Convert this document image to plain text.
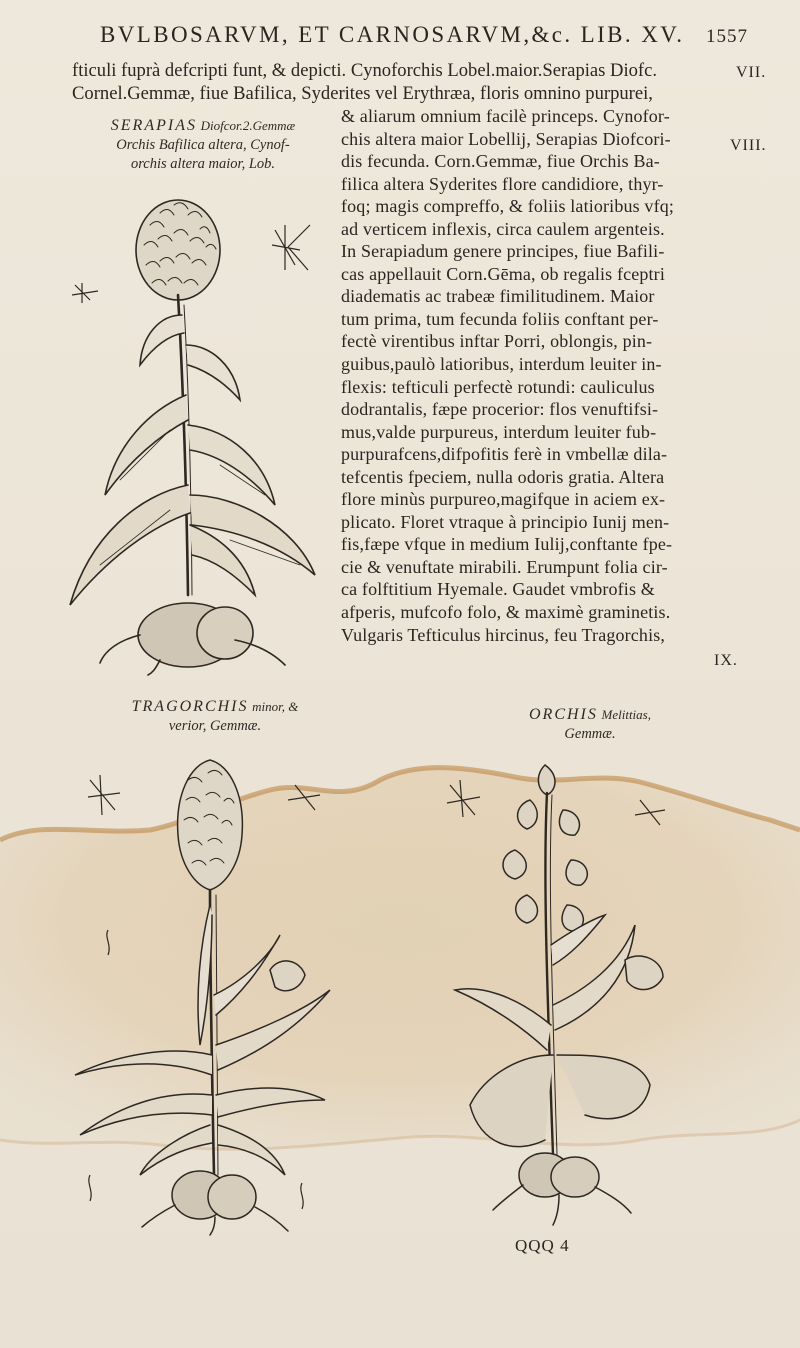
BVLBOSARVM, ET CARNOSARVM,&c. LIB. XV. 1557
fticuli fuprà defcripti funt, & depicti. Cynoforchis Lobel.maior.Serapias Diofc.
Cornel.Gemmæ, fiue Bafilica, Syderites vel Erythræa, floris omnino purpurei,
VII.
VIII.
IX.
SERAPIAS Diofcor.2.Gemmæ
Orchis Bafilica altera, Cynof-
orchis altera maior, Lob.
& aliarum omnium facilè princeps. Cynofor-
chis altera maior Lobellij, Serapias Diofcori-
dis fecunda. Corn.Gemmæ, fiue Orchis Ba-
filica altera Syderites flore candidiore, thyr-
foq; magis compreffo, & foliis latioribus vfq;
ad verticem inflexis, circa caulem argenteis.
In Serapiadum genere principes, fiue Bafili-
cas appellauit Corn.Gēma, ob regalis fceptri
diadematis ac trabeæ fimilitudinem. Maior
tum prima, tum fecunda foliis conftant per-
fectè virentibus inftar Porri, oblongis, pin-
guibus,paulò latioribus, interdum leuiter in-
flexis: tefticuli perfectè rotundi: cauliculus
dodrantalis, fæpe procerior: flos venuftifsi-
mus,valde purpureus, interdum leuiter fub-
purpurafcens,difpofitis ferè in vmbellæ dila-
tefcentis fpeciem, nulla odoris gratia. Altera
flore minùs purpureo,magifque in aciem ex-
plicato. Floret vtraque à principio Iunij men-
fis,fæpe vfque in medium Iulij,conftante fpe-
cie & venuftate mirabili. Erumpunt folia cir-
ca folftitium Hyemale. Gaudet vmbrofis &
afperis, mufcofo folo, & maximè graminetis.
Vulgaris Tefticulus hircinus, feu Tragorchis,
TRAGORCHIS minor, &
verior, Gemmæ.
ORCHIS Melittias,
Gemmæ.
QQQ 4
